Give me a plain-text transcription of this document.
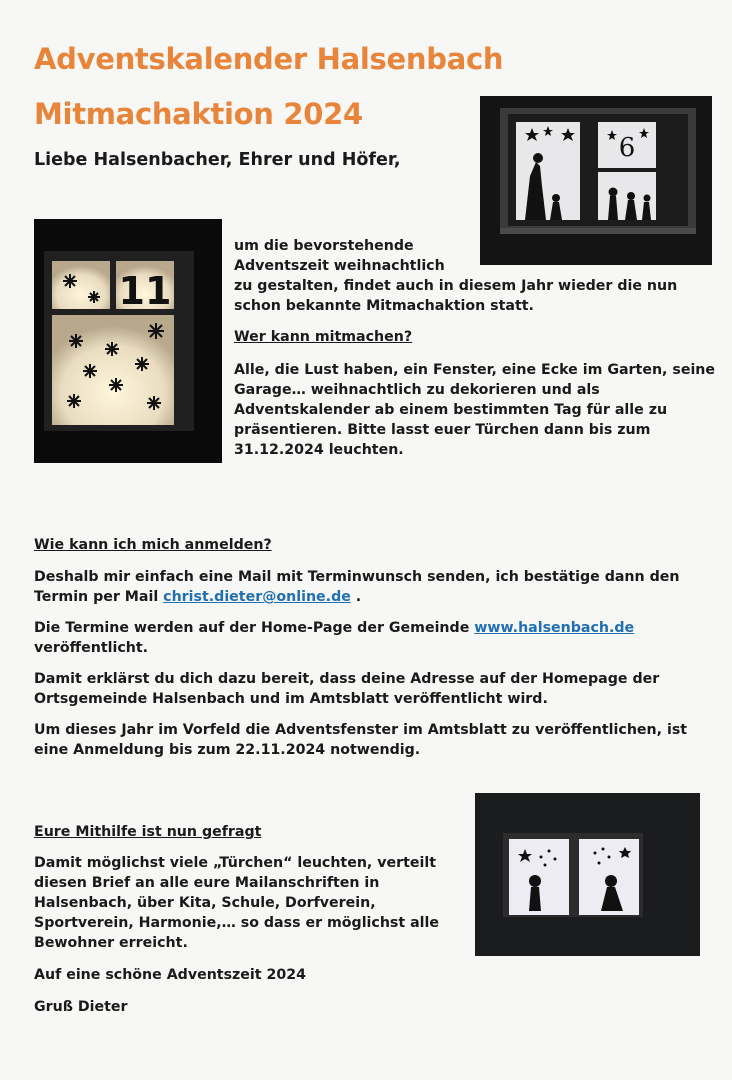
Adventskalender Halsenbach
Mitmachaktion 2024
Liebe Halsenbacher, Ehrer und Höfer,	6
11

um die bevorstehende

Adventszeit weihnachtlich

zu gestalten, findet auch in diesem Jahr wieder die nun

schon bekannte Mitmachaktion statt.

Wer kann mitmachen?

Alle, die Lust haben, ein Fenster, eine Ecke im Garten, seine

Garage… weihnachtlich zu dekorieren und als

Adventskalender ab einem bestimmten Tag für alle zu

präsentieren. Bitte lasst euer Türchen dann bis zum

31.12.2024 leuchten.

Wie kann ich mich anmelden?

Deshalb mir einfach eine Mail mit Terminwunsch senden, ich bestätige dann den

Termin per Mail christ.dieter@online.de .

Die Termine werden auf der Home-Page der Gemeinde www.halsenbach.de

veröffentlicht.

Damit erklärst du dich dazu bereit, dass deine Adresse auf der Homepage der

Ortsgemeinde Halsenbach und im Amtsblatt veröffentlicht wird.

Um dieses Jahr im Vorfeld die Adventsfenster im Amtsblatt zu veröffentlichen, ist

eine Anmeldung bis zum 22.11.2024 notwendig.

Eure Mithilfe ist nun gefragt

Damit möglichst viele „Türchen“ leuchten, verteilt

diesen Brief an alle eure Mailanschriften in

Halsenbach, über Kita, Schule, Dorfverein,

Sportverein, Harmonie,… so dass er möglichst alle

Bewohner erreicht.

Auf eine schöne Adventszeit 2024
Gruß Dieter
